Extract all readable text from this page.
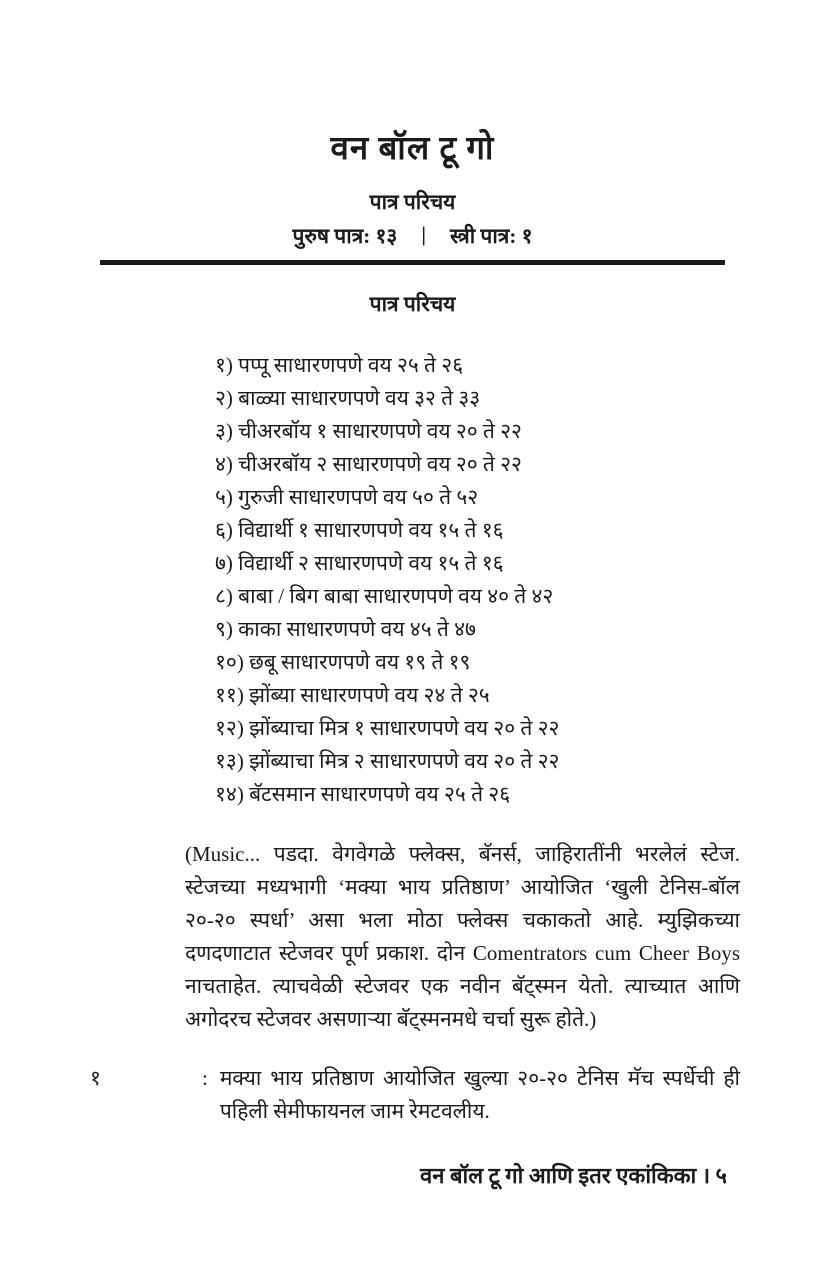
वन बॉल टू गो
पात्र परिचय
पुरुष पात्र: १३ | स्त्री पात्र: १
पात्र परिचय
१) पप्पू साधारणपणे वय २५ ते २६
२) बाळ्या साधारणपणे वय ३२ ते ३३
३) चीअरबॉय १ साधारणपणे वय २० ते २२
४) चीअरबॉय २ साधारणपणे वय २० ते २२
५) गुरुजी साधारणपणे वय ५० ते ५२
६) विद्यार्थी १ साधारणपणे वय १५ ते १६
७) विद्यार्थी २ साधारणपणे वय १५ ते १६
८) बाबा / बिग बाबा साधारणपणे वय ४० ते ४२
९) काका साधारणपणे वय ४५ ते ४७
१०) छबू साधारणपणे वय १९ ते १९
११) झोंब्या साधारणपणे वय २४ ते २५
१२) झोंब्याचा मित्र १ साधारणपणे वय २० ते २२
१३) झोंब्याचा मित्र २ साधारणपणे वय २० ते २२
१४) बॅटसमान साधारणपणे वय २५ ते २६

(Music... पडदा. वेगवेगळे फ्लेक्स, बॅनर्स, जाहिरातींनी भरलेलं स्टेज. स्टेजच्या मध्यभागी ‘मक्या भाय प्रतिष्ठाण’ आयोजित ‘खुली टेनिस-बॉल २०-२० स्पर्धा’ असा भला मोठा फ्लेक्स चकाकतो आहे. म्युझिकच्या दणदणाटात स्टेजवर पूर्ण प्रकाश. दोन Comentrators cum Cheer Boys नाचताहेत. त्याचवेळी स्टेजवर एक नवीन बॅट्स्मन येतो. त्याच्यात आणि अगोदरच स्टेजवर असणाऱ्या बॅट्स्मनमधे चर्चा सुरू होते.)

१	: मक्या भाय प्रतिष्ठाण आयोजित खुल्या २०-२० टेनिस मॅच स्पर्धेची ही पहिली सेमीफायनल जाम रेमटवलीय.

वन बॉल टू गो आणि इतर एकांकिका । ५
